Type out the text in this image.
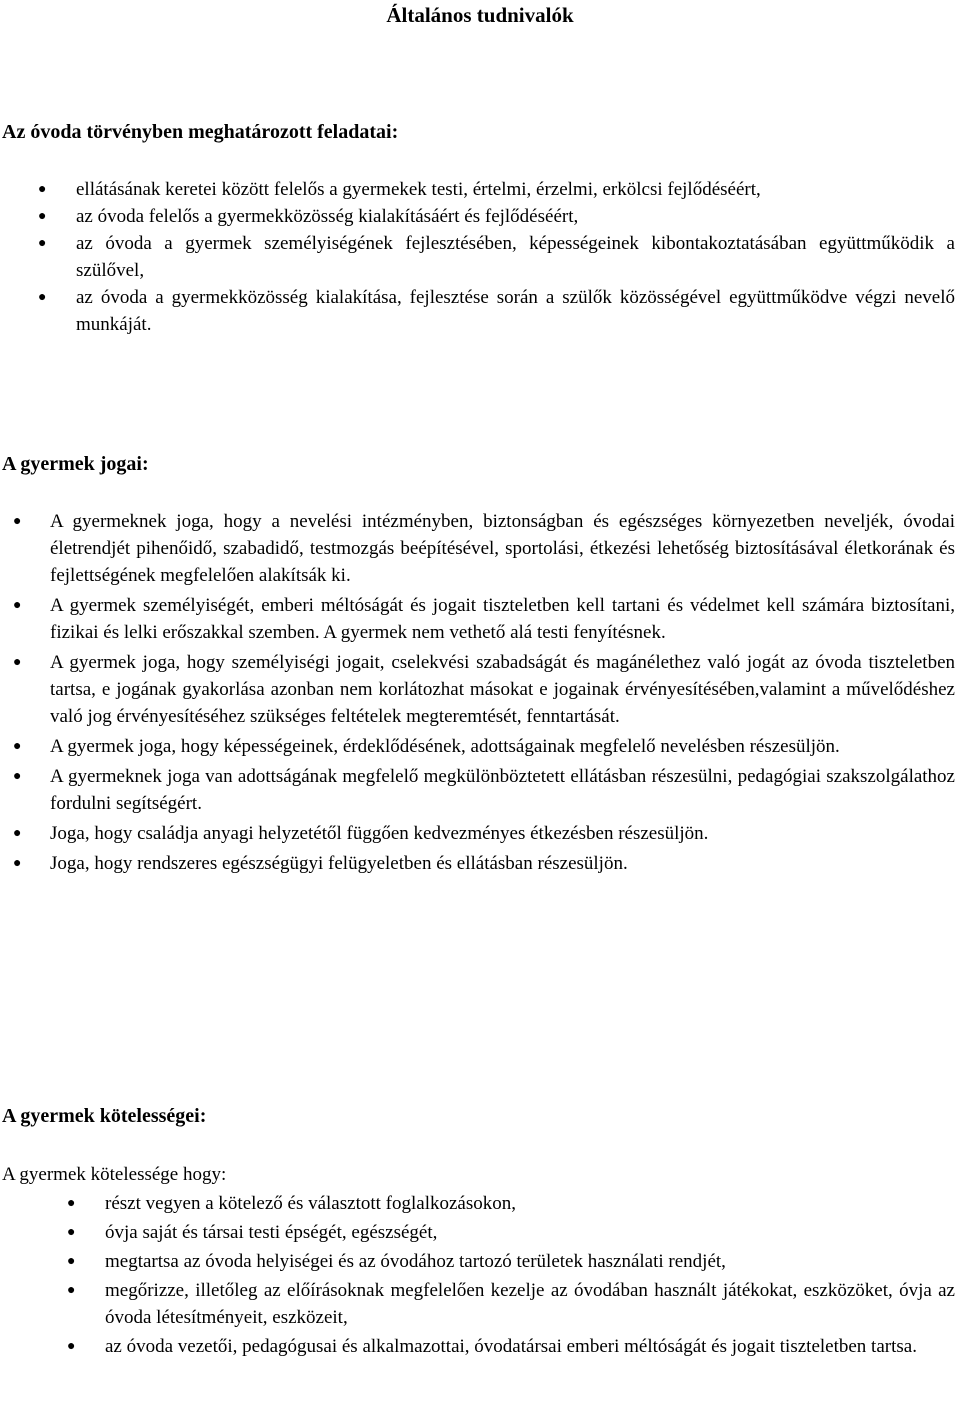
Általános tudnivalók
Az óvoda törvényben meghatározott feladatai:
● ellátásának keretei között felelős a gyermekek testi, értelmi, érzelmi, erkölcsi fejlődéséért,
● az óvoda felelős a gyermekközösség kialakításáért és fejlődéséért,
● az óvoda a gyermek személyiségének fejlesztésében, képességeinek kibontakoztatásában együttműködik a szülővel,
● az óvoda a gyermekközösség kialakítása, fejlesztése során a szülők közösségével együttműködve végzi nevelő munkáját.
A gyermek jogai:
● A gyermeknek joga, hogy a nevelési intézményben, biztonságban és egészséges környezetben neveljék, óvodai életrendjét pihenőidő, szabadidő, testmozgás beépítésével, sportolási, étkezési lehetőség biztosításával életkorának és fejlettségének megfelelően alakítsák ki.
● A gyermek személyiségét, emberi méltóságát és jogait tiszteletben kell tartani és védelmet kell számára biztosítani, fizikai és lelki erőszakkal szemben. A gyermek nem vethető alá testi fenyítésnek.
● A gyermek joga, hogy személyiségi jogait, cselekvési szabadságát és magánélethez való jogát az óvoda tiszteletben tartsa, e jogának gyakorlása azonban nem korlátozhat másokat e jogainak érvényesítésében,valamint a művelődéshez való jog érvényesítéséhez szükséges feltételek megteremtését, fenntartását.
● A gyermek joga, hogy képességeinek, érdeklődésének, adottságainak megfelelő nevelésben részesüljön.
● A gyermeknek joga van adottságának megfelelő megkülönböztetett ellátásban részesülni, pedagógiai szakszolgálathoz fordulni segítségért.
● Joga, hogy családja anyagi helyzetétől függően kedvezményes étkezésben részesüljön.
● Joga, hogy rendszeres egészségügyi felügyeletben és ellátásban részesüljön.
A gyermek kötelességei:
A gyermek kötelessége hogy:
● részt vegyen a kötelező és választott foglalkozásokon,
● óvja saját és társai testi épségét, egészségét,
● megtartsa az óvoda helyiségei és az óvodához tartozó területek használati rendjét,
● megőrizze, illetőleg az előírásoknak megfelelően kezelje az óvodában használt játékokat, eszközöket, óvja az óvoda létesítményeit, eszközeit,
● az óvoda vezetői, pedagógusai és alkalmazottai, óvodatársai emberi méltóságát és jogait tiszteletben tartsa.
